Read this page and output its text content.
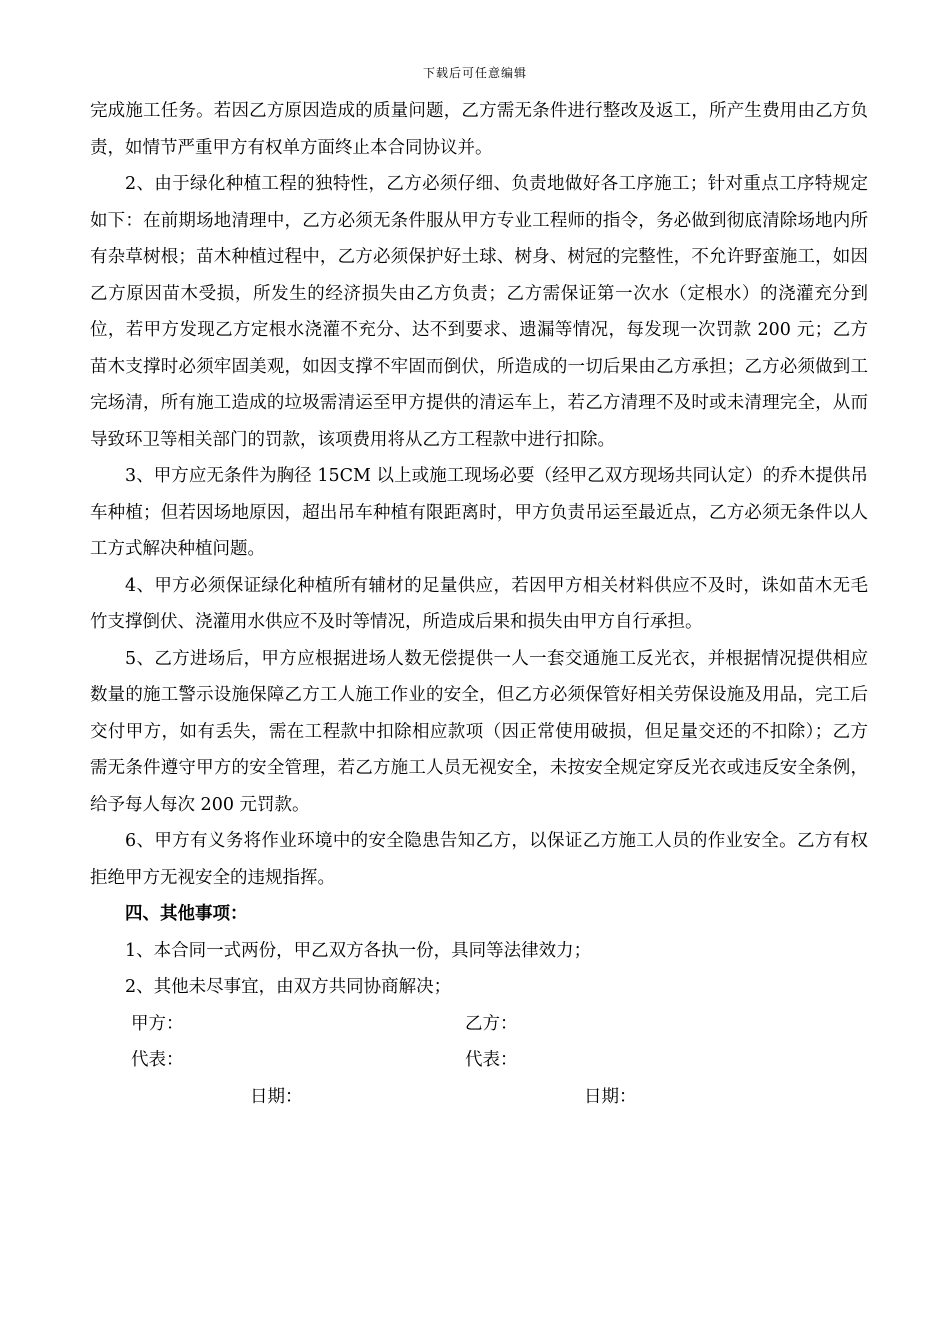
下载后可任意编辑

完成施工任务。若因乙方原因造成的质量问题，乙方需无条件进行整改及返工，所产生费用由乙方负责，如情节严重甲方有权单方面终止本合同协议并。

2、由于绿化种植工程的独特性，乙方必须仔细、负责地做好各工序施工；针对重点工序特规定如下：在前期场地清理中，乙方必须无条件服从甲方专业工程师的指令，务必做到彻底清除场地内所有杂草树根；苗木种植过程中，乙方必须保护好土球、树身、树冠的完整性，不允许野蛮施工，如因乙方原因苗木受损，所发生的经济损失由乙方负责；乙方需保证第一次水（定根水）的浇灌充分到位，若甲方发现乙方定根水浇灌不充分、达不到要求、遗漏等情况，每发现一次罚款 200 元；乙方苗木支撑时必须牢固美观，如因支撑不牢固而倒伏，所造成的一切后果由乙方承担；乙方必须做到工完场清，所有施工造成的垃圾需清运至甲方提供的清运车上，若乙方清理不及时或未清理完全，从而导致环卫等相关部门的罚款，该项费用将从乙方工程款中进行扣除。

3、甲方应无条件为胸径 15CM 以上或施工现场必要（经甲乙双方现场共同认定）的乔木提供吊车种植；但若因场地原因，超出吊车种植有限距离时，甲方负责吊运至最近点，乙方必须无条件以人工方式解决种植问题。

4、甲方必须保证绿化种植所有辅材的足量供应，若因甲方相关材料供应不及时，诛如苗木无毛竹支撑倒伏、浇灌用水供应不及时等情况，所造成后果和损失由甲方自行承担。

5、乙方进场后，甲方应根据进场人数无偿提供一人一套交通施工反光衣，并根据情况提供相应数量的施工警示设施保障乙方工人施工作业的安全，但乙方必须保管好相关劳保设施及用品，完工后交付甲方，如有丢失，需在工程款中扣除相应款项（因正常使用破损，但足量交还的不扣除）；乙方需无条件遵守甲方的安全管理，若乙方施工人员无视安全，未按安全规定穿反光衣或违反安全条例，给予每人每次 200 元罚款。

6、甲方有义务将作业环境中的安全隐患告知乙方，以保证乙方施工人员的作业安全。乙方有权拒绝甲方无视安全的违规指挥。

四、其他事项：

1、本合同一式两份，甲乙双方各执一份，具同等法律效力；

2、其他未尽事宜，由双方共同协商解决；

甲方：	乙方：
代表：	代表：
日期：	日期：
